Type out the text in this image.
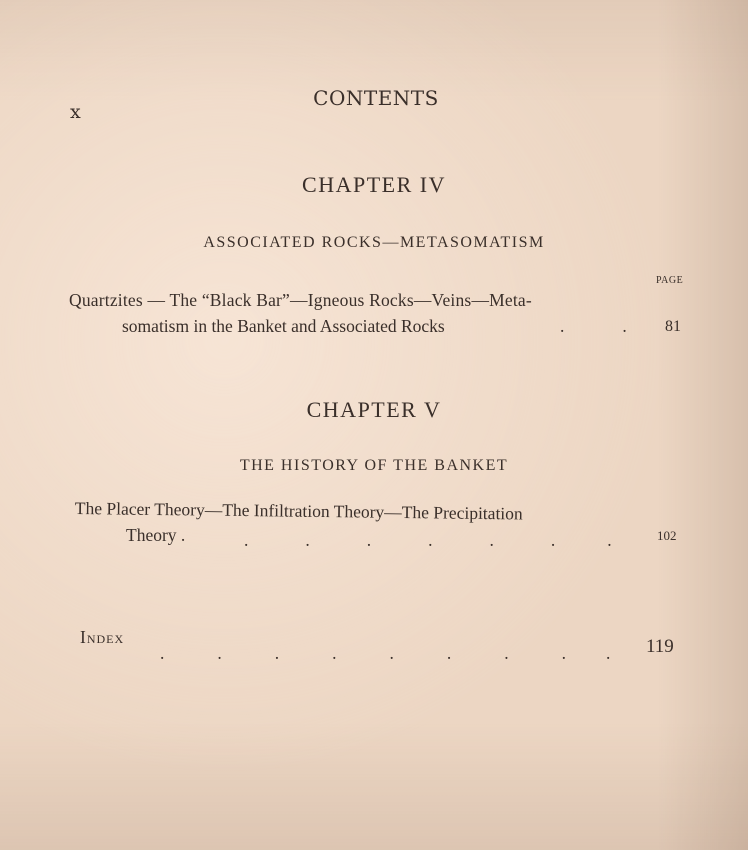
x
CONTENTS
CHAPTER IV
ASSOCIATED ROCKS—METASOMATISM
PAGE
Quartzites — The “Black Bar”—Igneous Rocks—Veins—Meta-
somatism in the Banket and Associated Rocks	.	. 81
CHAPTER V
THE HISTORY OF THE BANKET
The Placer Theory—The Infiltration Theory—The Precipitation
Theory .	.	.	.	.	.	.	.	102
Index
.	.	.	.	.	.	.	. . 119
